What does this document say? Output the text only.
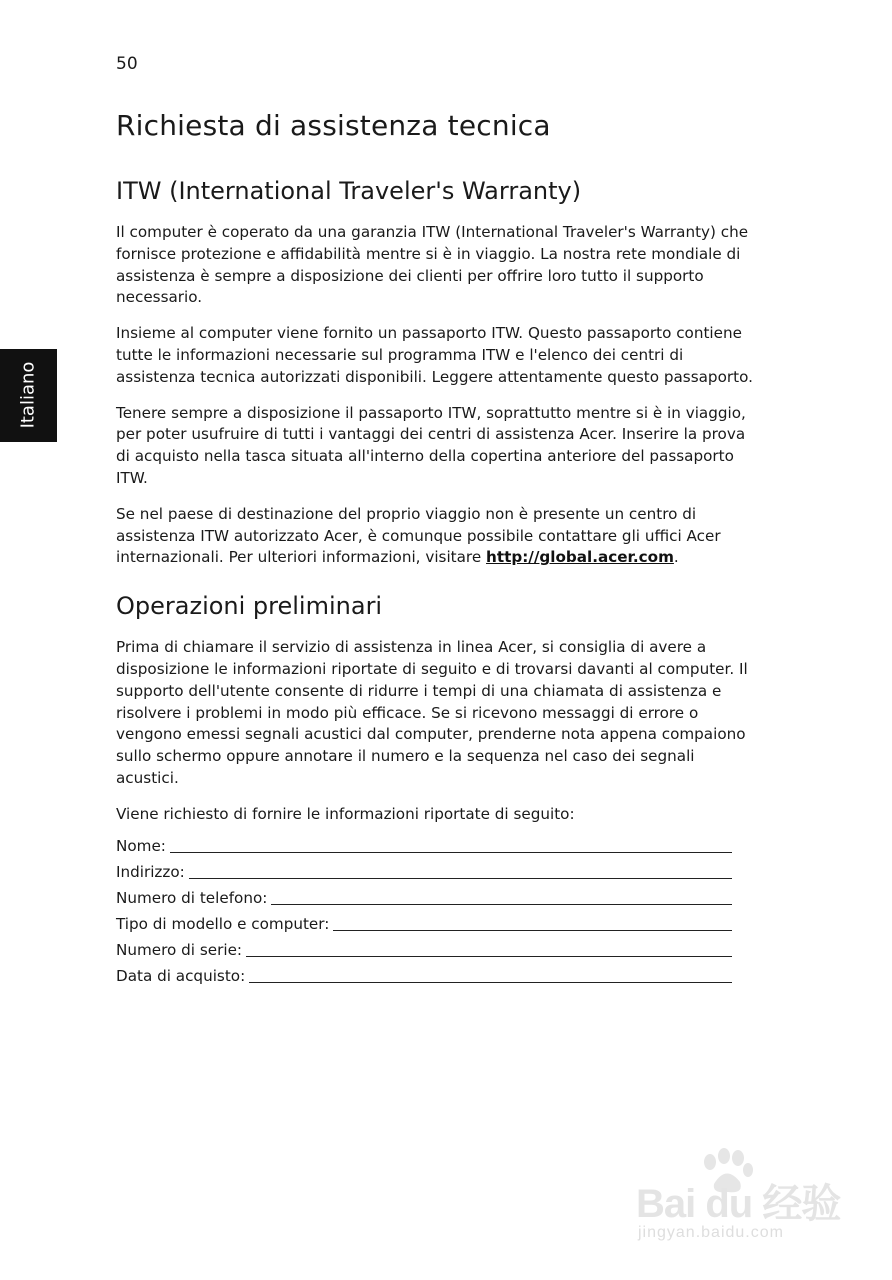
50
Italiano
Richiesta di assistenza tecnica
ITW (International Traveler's Warranty)

Il computer è coperato da una garanzia ITW (International Traveler's Warranty) che fornisce protezione e affidabilità mentre si è in viaggio. La nostra rete mondiale di assistenza è sempre a disposizione dei clienti per offrire loro tutto il supporto necessario.

Insieme al computer viene fornito un passaporto ITW. Questo passaporto contiene tutte le informazioni necessarie sul programma ITW e l'elenco dei centri di assistenza tecnica autorizzati disponibili. Leggere attentamente questo passaporto.

Tenere sempre a disposizione il passaporto ITW, soprattutto mentre si è in viaggio, per poter usufruire di tutti i vantaggi dei centri di assistenza Acer. Inserire la prova di acquisto nella tasca situata all'interno della copertina anteriore del passaporto ITW.

Se nel paese di destinazione del proprio viaggio non è presente un centro di assistenza ITW autorizzato Acer, è comunque possibile contattare gli uffici Acer internazionali. Per ulteriori informazioni, visitare http://global.acer.com.

Operazioni preliminari

Prima di chiamare il servizio di assistenza in linea Acer, si consiglia di avere a disposizione le informazioni riportate di seguito e di trovarsi davanti al computer. Il supporto dell'utente consente di ridurre i tempi di una chiamata di assistenza e risolvere i problemi in modo più efficace. Se si ricevono messaggi di errore o vengono emessi segnali acustici dal computer, prenderne nota appena compaiono sullo schermo oppure annotare il numero e la sequenza nel caso dei segnali acustici.

Viene richiesto di fornire le informazioni riportate di seguito:

Nome:
Indirizzo:
Numero di telefono:
Tipo di modello e computer:
Numero di serie:
Data di acquisto:
Bai du 经验
jingyan.baidu.com
